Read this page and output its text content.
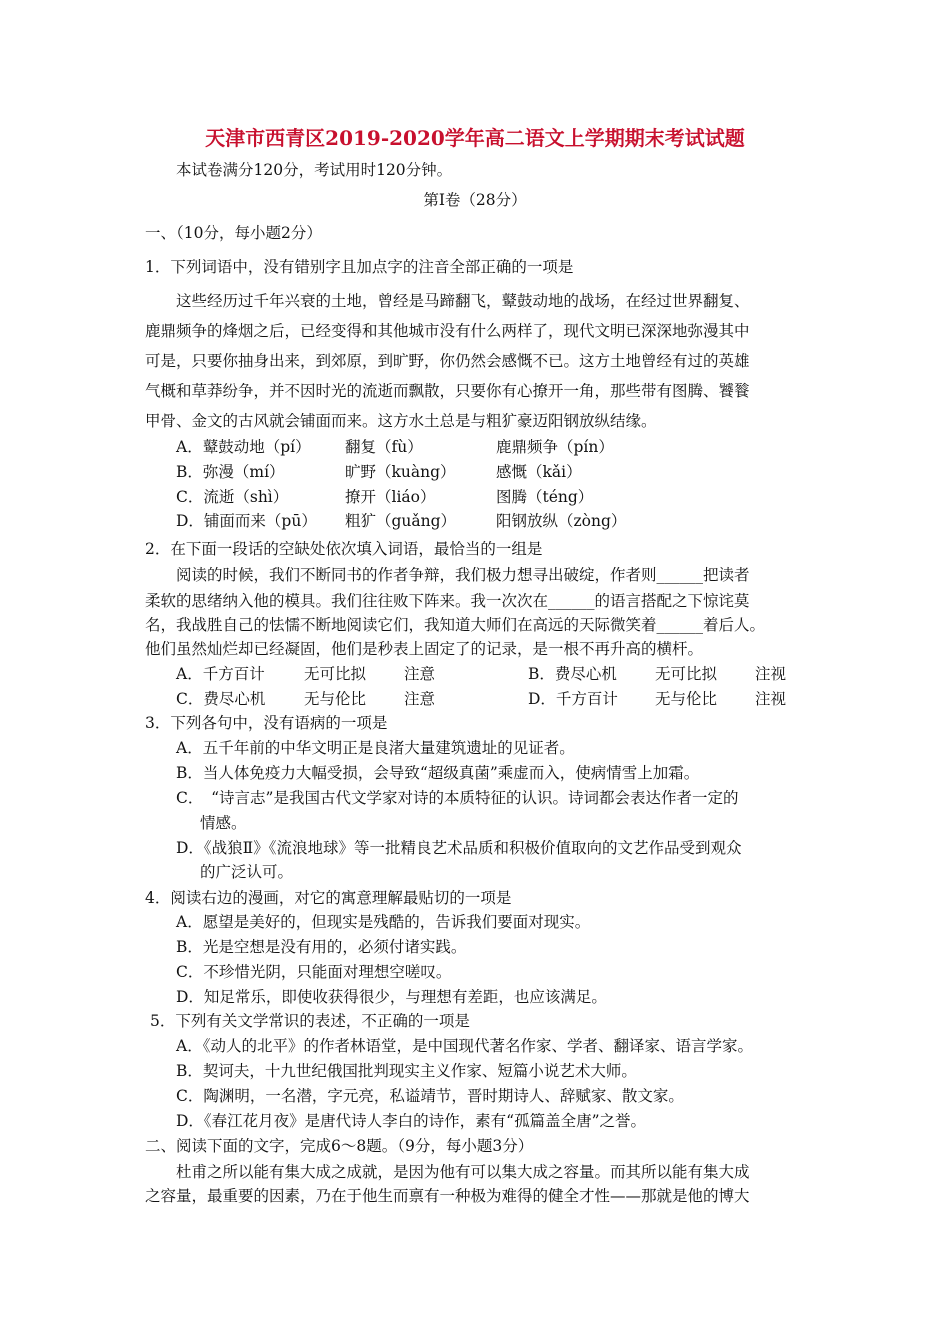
天津市西青区2019-2020学年高二语文上学期期末考试试题
本试卷满分120分，考试用时120分钟。
第Ⅰ卷（28分）
一、（10分，每小题2分）
1．下列词语中，没有错别字且加点字的注音全部正确的一项是
这些经历过千年兴衰的土地，曾经是马蹄翻飞，鼙鼓动地的战场，在经过世界翻复、
鹿鼎频争的烽烟之后，已经变得和其他城市没有什么两样了，现代文明已深深地弥漫其中
可是，只要你抽身出来，到郊原，到旷野，你仍然会感慨不已。这方土地曾经有过的英雄
气概和草莽纷争，并不因时光的流逝而飘散，只要你有心撩开一角，那些带有图腾、饕餮
甲骨、金文的古风就会铺面而来。这方水土总是与粗犷豪迈阳钢放纵结缘。
A．鼙鼓动地（pí） 翻复（fù）	鹿鼎频争（pín）
B．弥漫（mí）	旷野（kuàng）	感慨（kǎi）
C．流逝（shì）	撩开（liáo）	图腾（téng）
D．铺面而来（pū） 粗犷（guǎng）	阳钢放纵（zòng）
2．在下面一段话的空缺处依次填入词语，最恰当的一组是
阅读的时候，我们不断同书的作者争辩，我们极力想寻出破绽，作者则______把读者
柔软的思绪纳入他的模具。我们往往败下阵来。我一次次在______的语言搭配之下惊诧莫
名，我战胜自己的怯懦不断地阅读它们，我知道大师们在高远的天际微笑着______着后人。
他们虽然灿烂却已经凝固，他们是秒表上固定了的记录，是一根不再升高的横杆。
A．千方百计	无可比拟 注意	B．费尽心机 无可比拟 注视
C．费尽心机 无与伦比 注意	D．千方百计 无与伦比 注视
3．下列各句中，没有语病的一项是
A．五千年前的中华文明正是良渚大量建筑遗址的见证者。
B．当人体免疫力大幅受损，会导致“超级真菌”乘虚而入，使病情雪上加霜。
C．　“诗言志”是我国古代文学家对诗的本质特征的认识。诗词都会表达作者一定的
情感。
D．《战狼Ⅱ》《流浪地球》等一批精良艺术品质和积极价值取向的文艺作品受到观众
的广泛认可。
4．阅读右边的漫画，对它的寓意理解最贴切的一项是
A．愿望是美好的，但现实是残酷的，告诉我们要面对现实。
B．光是空想是没有用的，必须付诸实践。
C．不珍惜光阴，只能面对理想空嗟叹。
D．知足常乐，即使收获得很少，与理想有差距，也应该满足。
5．下列有关文学常识的表述，不正确的一项是
A．《动人的北平》的作者林语堂，是中国现代著名作家、学者、翻译家、语言学家。
B．契诃夫，十九世纪俄国批判现实主义作家、短篇小说艺术大师。
C．陶渊明，一名潜，字元亮，私谥靖节，晋时期诗人、辞赋家、散文家。
D．《春江花月夜》是唐代诗人李白的诗作，素有“孤篇盖全唐”之誉。
二、阅读下面的文字，完成6～8题。（9分，每小题3分）
杜甫之所以能有集大成之成就，是因为他有可以集大成之容量。而其所以能有集大成
之容量，最重要的因素，乃在于他生而禀有一种极为难得的健全才性——那就是他的博大
